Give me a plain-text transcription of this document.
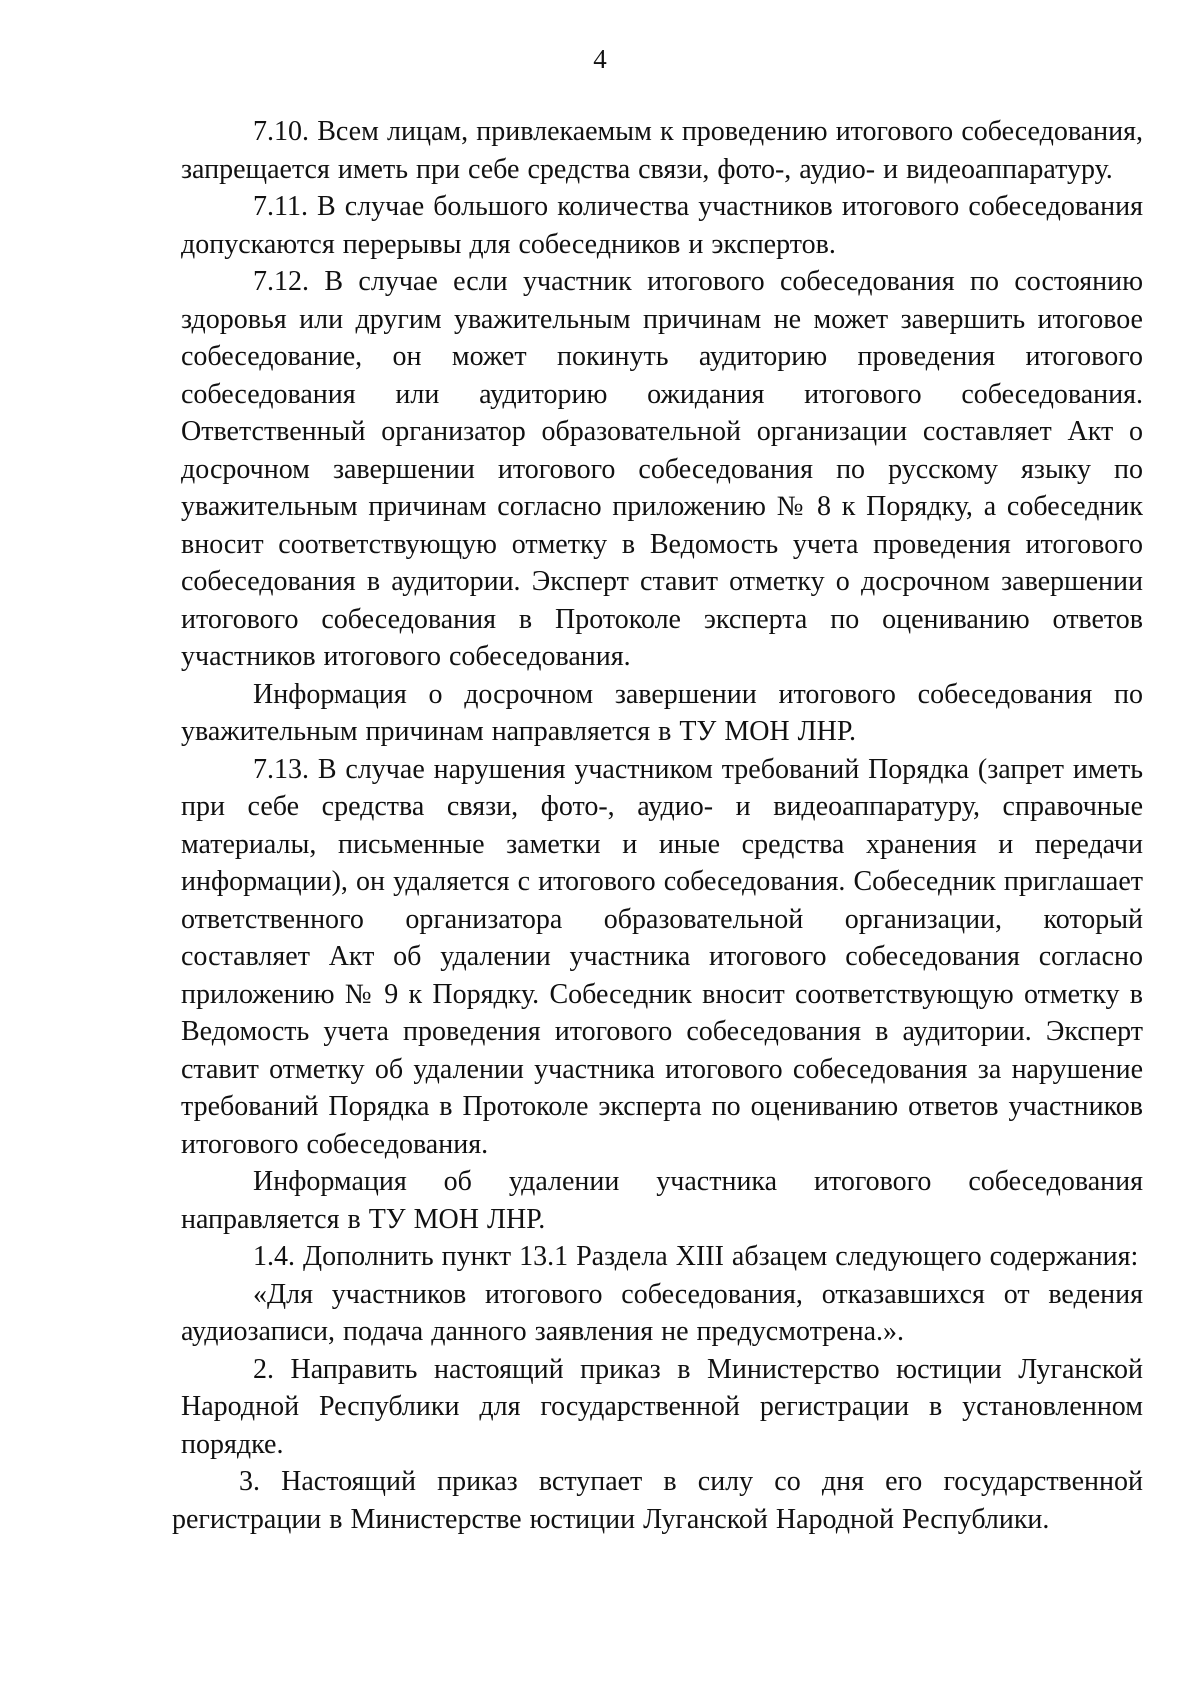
4

7.10. Всем лицам, привлекаемым к проведению итогового собеседования, запрещается иметь при себе средства связи, фото-, аудио- и видеоаппаратуру.

7.11. В случае большого количества участников итогового собеседования допускаются перерывы для собеседников и экспертов.

7.12. В случае если участник итогового собеседования по состоянию здоровья или другим уважительным причинам не может завершить итоговое собеседование, он может покинуть аудиторию проведения итогового собеседования или аудиторию ожидания итогового собеседования. Ответственный организатор образовательной организации составляет Акт о досрочном завершении итогового собеседования по русскому языку по уважительным причинам согласно приложению № 8 к Порядку, а собеседник вносит соответствующую отметку в Ведомость учета проведения итогового собеседования в аудитории. Эксперт ставит отметку о досрочном завершении итогового собеседования в Протоколе эксперта по оцениванию ответов участников итогового собеседования.

Информация о досрочном завершении итогового собеседования по уважительным причинам направляется в ТУ МОН ЛНР.

7.13. В случае нарушения участником требований Порядка (запрет иметь при себе средства связи, фото-, аудио- и видеоаппаратуру, справочные материалы, письменные заметки и иные средства хранения и передачи информации), он удаляется с итогового собеседования. Собеседник приглашает ответственного организатора образовательной организации, который составляет Акт об удалении участника итогового собеседования согласно приложению № 9 к Порядку. Собеседник вносит соответствующую отметку в Ведомость учета проведения итогового собеседования в аудитории. Эксперт ставит отметку об удалении участника итогового собеседования за нарушение требований Порядка в Протоколе эксперта по оцениванию ответов участников итогового собеседования.

Информация об удалении участника итогового собеседования направляется в ТУ МОН ЛНР.

1.4. Дополнить пункт 13.1 Раздела XIII абзацем следующего содержания:

«Для участников итогового собеседования, отказавшихся от ведения аудиозаписи, подача данного заявления не предусмотрена.».

2. Направить настоящий приказ в Министерство юстиции Луганской Народной Республики для государственной регистрации в установленном порядке.

3. Настоящий приказ вступает в силу со дня его государственной регистрации в Министерстве юстиции Луганской Народной Республики.
